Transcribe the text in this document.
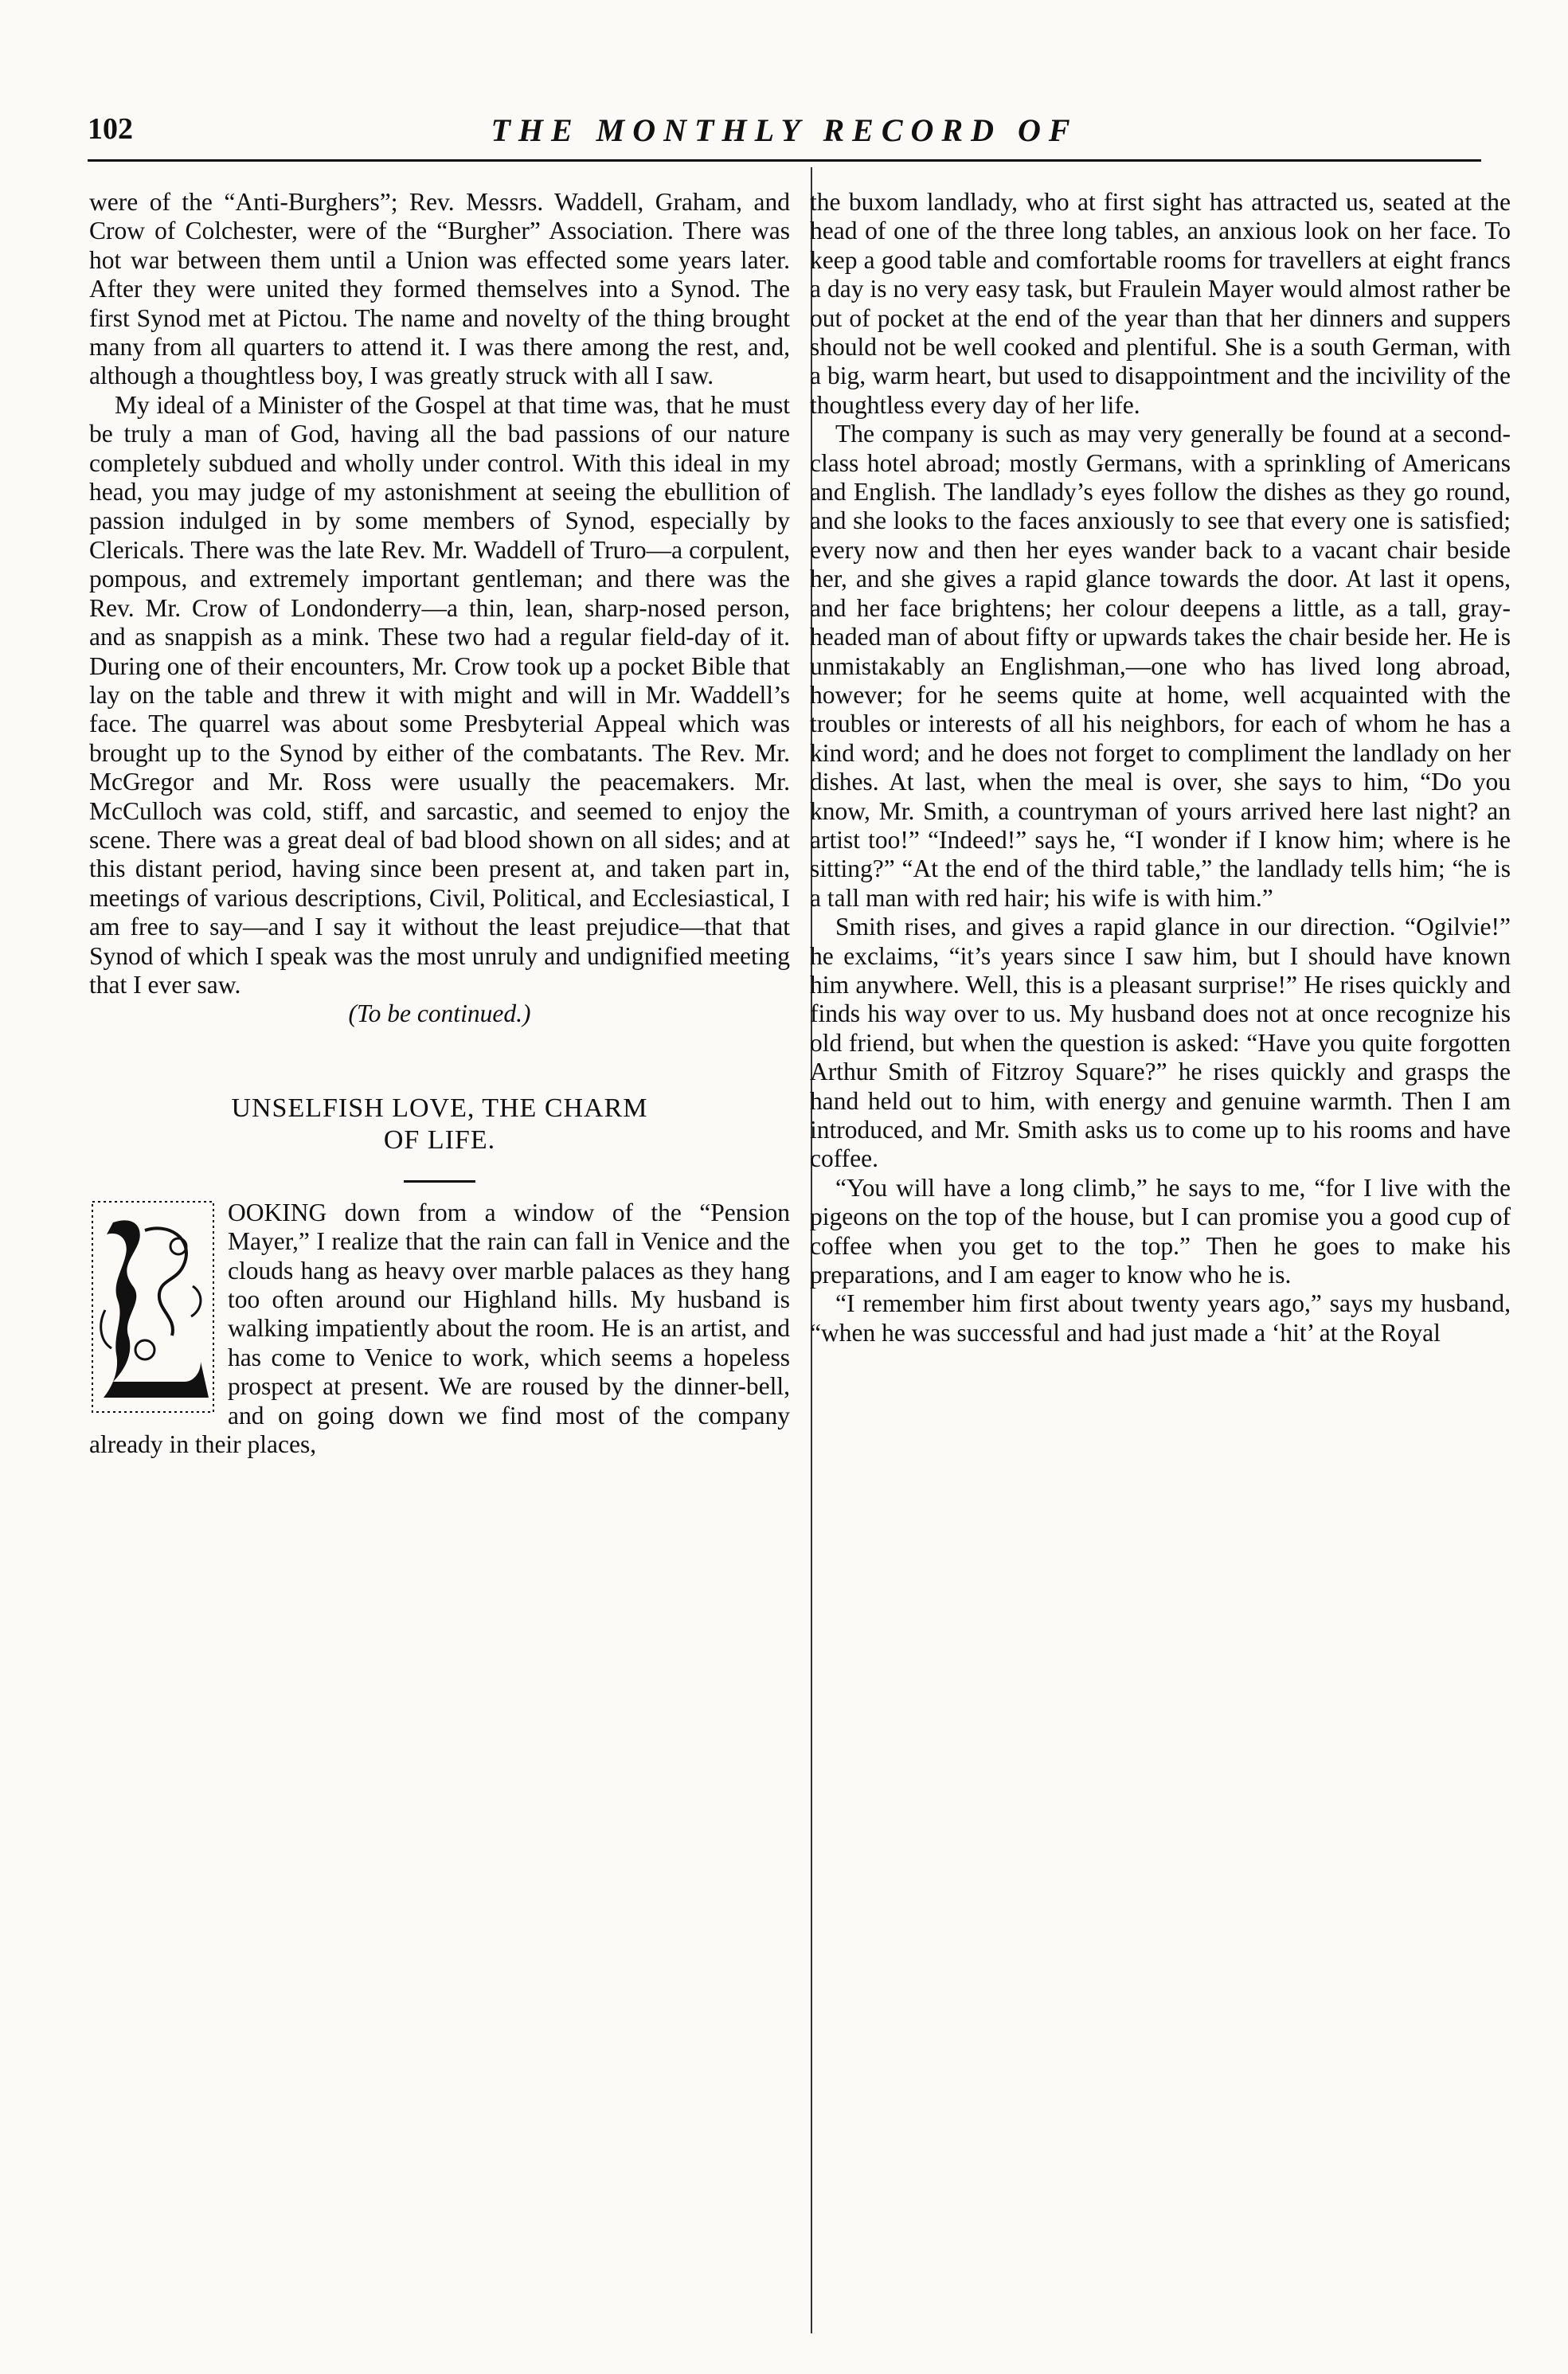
102	THE MONTHLY RECORD OF

were of the “Anti-Burghers”; Rev. Messrs. Waddell, Graham, and Crow of Colchester, were of the “Burgher” Association. There was hot war between them until a Union was effected some years later. After they were united they formed themselves into a Synod. The first Synod met at Pictou. The name and novelty of the thing brought many from all quarters to attend it. I was there among the rest, and, although a thoughtless boy, I was greatly struck with all I saw.

My ideal of a Minister of the Gospel at that time was, that he must be truly a man of God, having all the bad passions of our nature completely subdued and wholly under control. With this ideal in my head, you may judge of my astonishment at seeing the ebullition of passion indulged in by some members of Synod, especially by Clericals. There was the late Rev. Mr. Waddell of Truro—a corpulent, pompous, and extremely important gentleman; and there was the Rev. Mr. Crow of Londonderry—a thin, lean, sharp-nosed person, and as snappish as a mink. These two had a regular field-day of it. During one of their encounters, Mr. Crow took up a pocket Bible that lay on the table and threw it with might and will in Mr. Waddell’s face. The quarrel was about some Presbyterial Appeal which was brought up to the Synod by either of the combatants. The Rev. Mr. McGregor and Mr. Ross were usually the peacemakers. Mr. McCulloch was cold, stiff, and sarcastic, and seemed to enjoy the scene. There was a great deal of bad blood shown on all sides; and at this distant period, having since been present at, and taken part in, meetings of various descriptions, Civil, Political, and Ecclesiastical, I am free to say—and I say it without the least prejudice—that that Synod of which I speak was the most unruly and undignified meeting that I ever saw.

(To be continued.)

UNSELFISH LOVE, THE CHARM
OF LIFE.

OOKING down from a window of the “Pension Mayer,” I realize that the rain can fall in Venice and the clouds hang as heavy over marble palaces as they hang too often around our Highland hills. My husband is walking impatiently about the room. He is an artist, and has come to Venice to work, which seems a hopeless prospect at present. We are roused by the dinner-bell, and on going down we find most of the company already in their places,

the buxom landlady, who at first sight has attracted us, seated at the head of one of the three long tables, an anxious look on her face. To keep a good table and comfortable rooms for travellers at eight francs a day is no very easy task, but Fraulein Mayer would almost rather be out of pocket at the end of the year than that her dinners and suppers should not be well cooked and plentiful. She is a south German, with a big, warm heart, but used to disappointment and the incivility of the thoughtless every day of her life.

The company is such as may very generally be found at a second-class hotel abroad; mostly Germans, with a sprinkling of Americans and English. The landlady’s eyes follow the dishes as they go round, and she looks to the faces anxiously to see that every one is satisfied; every now and then her eyes wander back to a vacant chair beside her, and she gives a rapid glance towards the door. At last it opens, and her face brightens; her colour deepens a little, as a tall, gray-headed man of about fifty or upwards takes the chair beside her. He is unmistakably an Englishman,—one who has lived long abroad, however; for he seems quite at home, well acquainted with the troubles or interests of all his neighbors, for each of whom he has a kind word; and he does not forget to compliment the landlady on her dishes. At last, when the meal is over, she says to him, “Do you know, Mr. Smith, a countryman of yours arrived here last night? an artist too!” “Indeed!” says he, “I wonder if I know him; where is he sitting?” “At the end of the third table,” the landlady tells him; “he is a tall man with red hair; his wife is with him.”

Smith rises, and gives a rapid glance in our direction. “Ogilvie!” he exclaims, “it’s years since I saw him, but I should have known him anywhere. Well, this is a pleasant surprise!” He rises quickly and finds his way over to us. My husband does not at once recognize his old friend, but when the question is asked: “Have you quite forgotten Arthur Smith of Fitzroy Square?” he rises quickly and grasps the hand held out to him, with energy and genuine warmth. Then I am introduced, and Mr. Smith asks us to come up to his rooms and have coffee.

“You will have a long climb,” he says to me, “for I live with the pigeons on the top of the house, but I can promise you a good cup of coffee when you get to the top.” Then he goes to make his preparations, and I am eager to know who he is.

“I remember him first about twenty years ago,” says my husband, “when he was successful and had just made a ‘hit’ at the Royal
